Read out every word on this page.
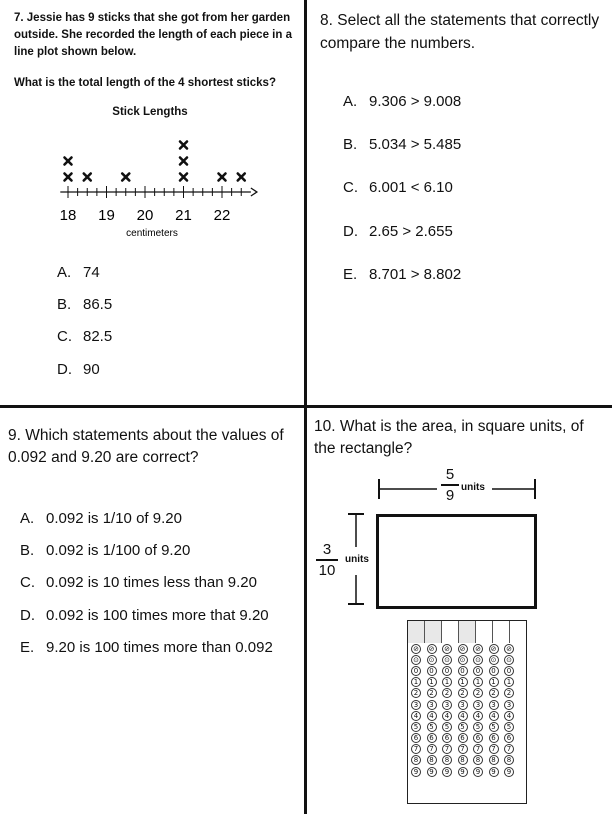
7. Jessie has 9 sticks that she got from her garden outside. She recorded the length of each piece in a line plot shown below.
What is the total length of the 4 shortest sticks?
Stick Lengths
18 19 20 21 22
centimeters
A. 74
B. 86.5
C. 82.5
D. 90
8. Select all the statements that correctly compare the numbers.
A. 9.306 > 9.008
B. 5.034 > 5.485
C. 6.001 < 6.10
D. 2.65 > 2.655
E. 8.701 > 8.802
9. Which statements about the values of 0.092 and 9.20 are correct?
A. 0.092 is 1/10 of 9.20
B. 0.092 is 1/100 of 9.20
C. 0.092 is 10 times less than 9.20
D. 0.092 is 100 times more that 9.20
E. 9.20 is 100 times more than 0.092
10. What is the area, in square units, of the rectangle?
5
9 units
3
10
units
⊘ ⊘ ⊘ ⊘ ⊘ ⊘ ⊘
⊙ ⊙ ⊙ ⊙ ⊙ ⊙ ⊙
0	0	0	0	0	0	0
1	1	1	1	1	1	1
2	2	2	2	2	2	2
3	3	3	3	3	3	3
4	4	4	4	4	4	4
5	5	5	5	5	5	5
6	6	6	6	6	6	6
7	7	7	7	7	7	7
8	8	8	8	8	8	8
9	9	9	9	9	9	9
